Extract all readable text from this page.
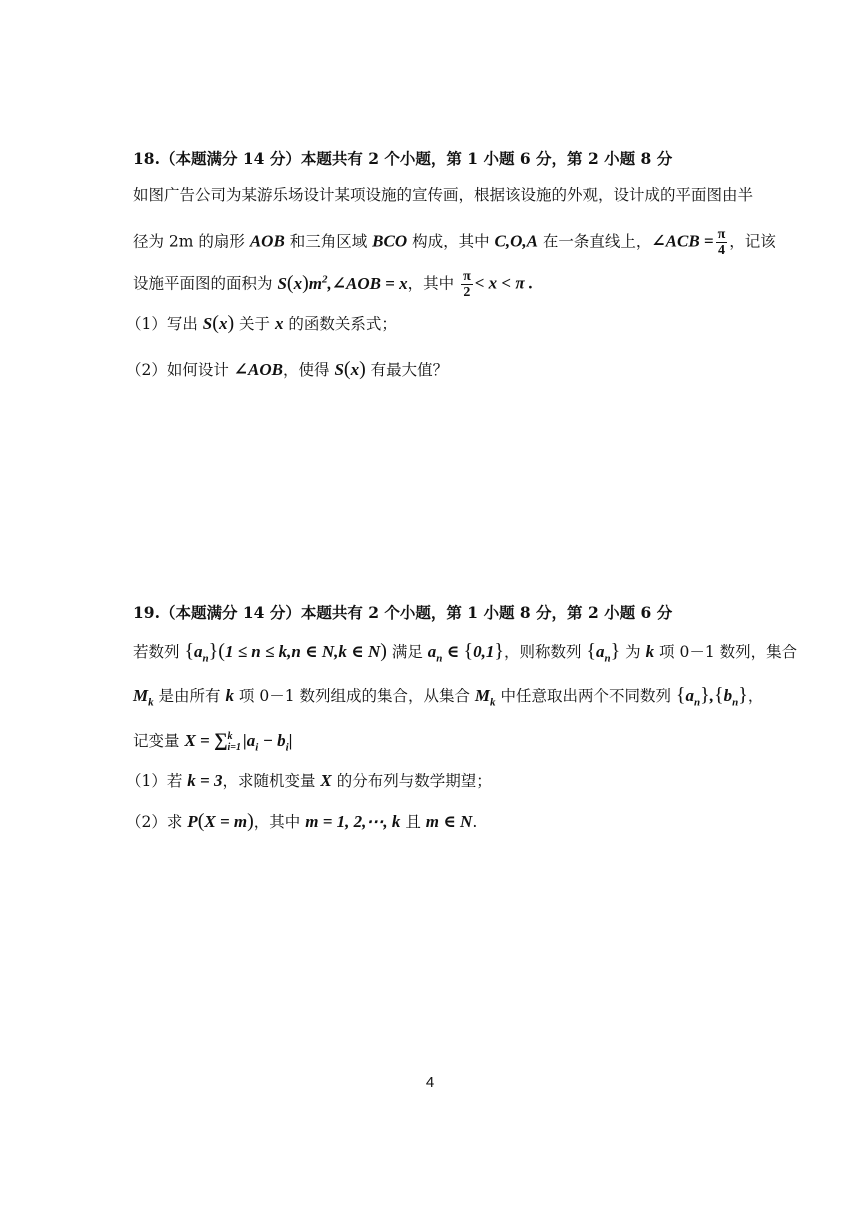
18.（本题满分 14 分）本题共有 2 个小题，第 1 小题 6 分，第 2 小题 8 分
如图广告公司为某游乐场设计某项设施的宣传画，根据该设施的外观，设计成的平面图由半
径为 2m 的扇形 AOB 和三角区域 BCO 构成，其中 C,O,A 在一条直线上，∠ACB = $\frac{\pi}{4}$ ，记该
设施平面图的面积为 $S(x)m^2,\angle AOB = x$，其中 $\frac{\pi}{2} < x < \pi$ .
（1）写出 S(x) 关于 x 的函数关系式；
（2）如何设计 ∠AOB，使得 S(x) 有最大值？
19.（本题满分 14 分）本题共有 2 个小题，第 1 小题 8 分，第 2 小题 6 分
若数列 $\{a_n\}(1 \le n \le k,n$ ∈ N,k ∈ N) 满足 $a_n$ ∈ {0,1}，则称数列 $\{a_n\}$ 为 k 项 0－1 数列，集合
$M_k$ 是由所有 k 项 0－1 数列组成的集合，从集合 $M_k$ 中任意取出两个不同数列 $\{a_n\},\{b_n\}$，
记变量 X = ∑ k
i=1 $|a_i - b_i|$
（1）若 k = 3，求随机变量 X 的分布列与数学期望；
（2）求 P(X = m)，其中 m = 1, 2,⋯, k 且 m ∈ N.
4
